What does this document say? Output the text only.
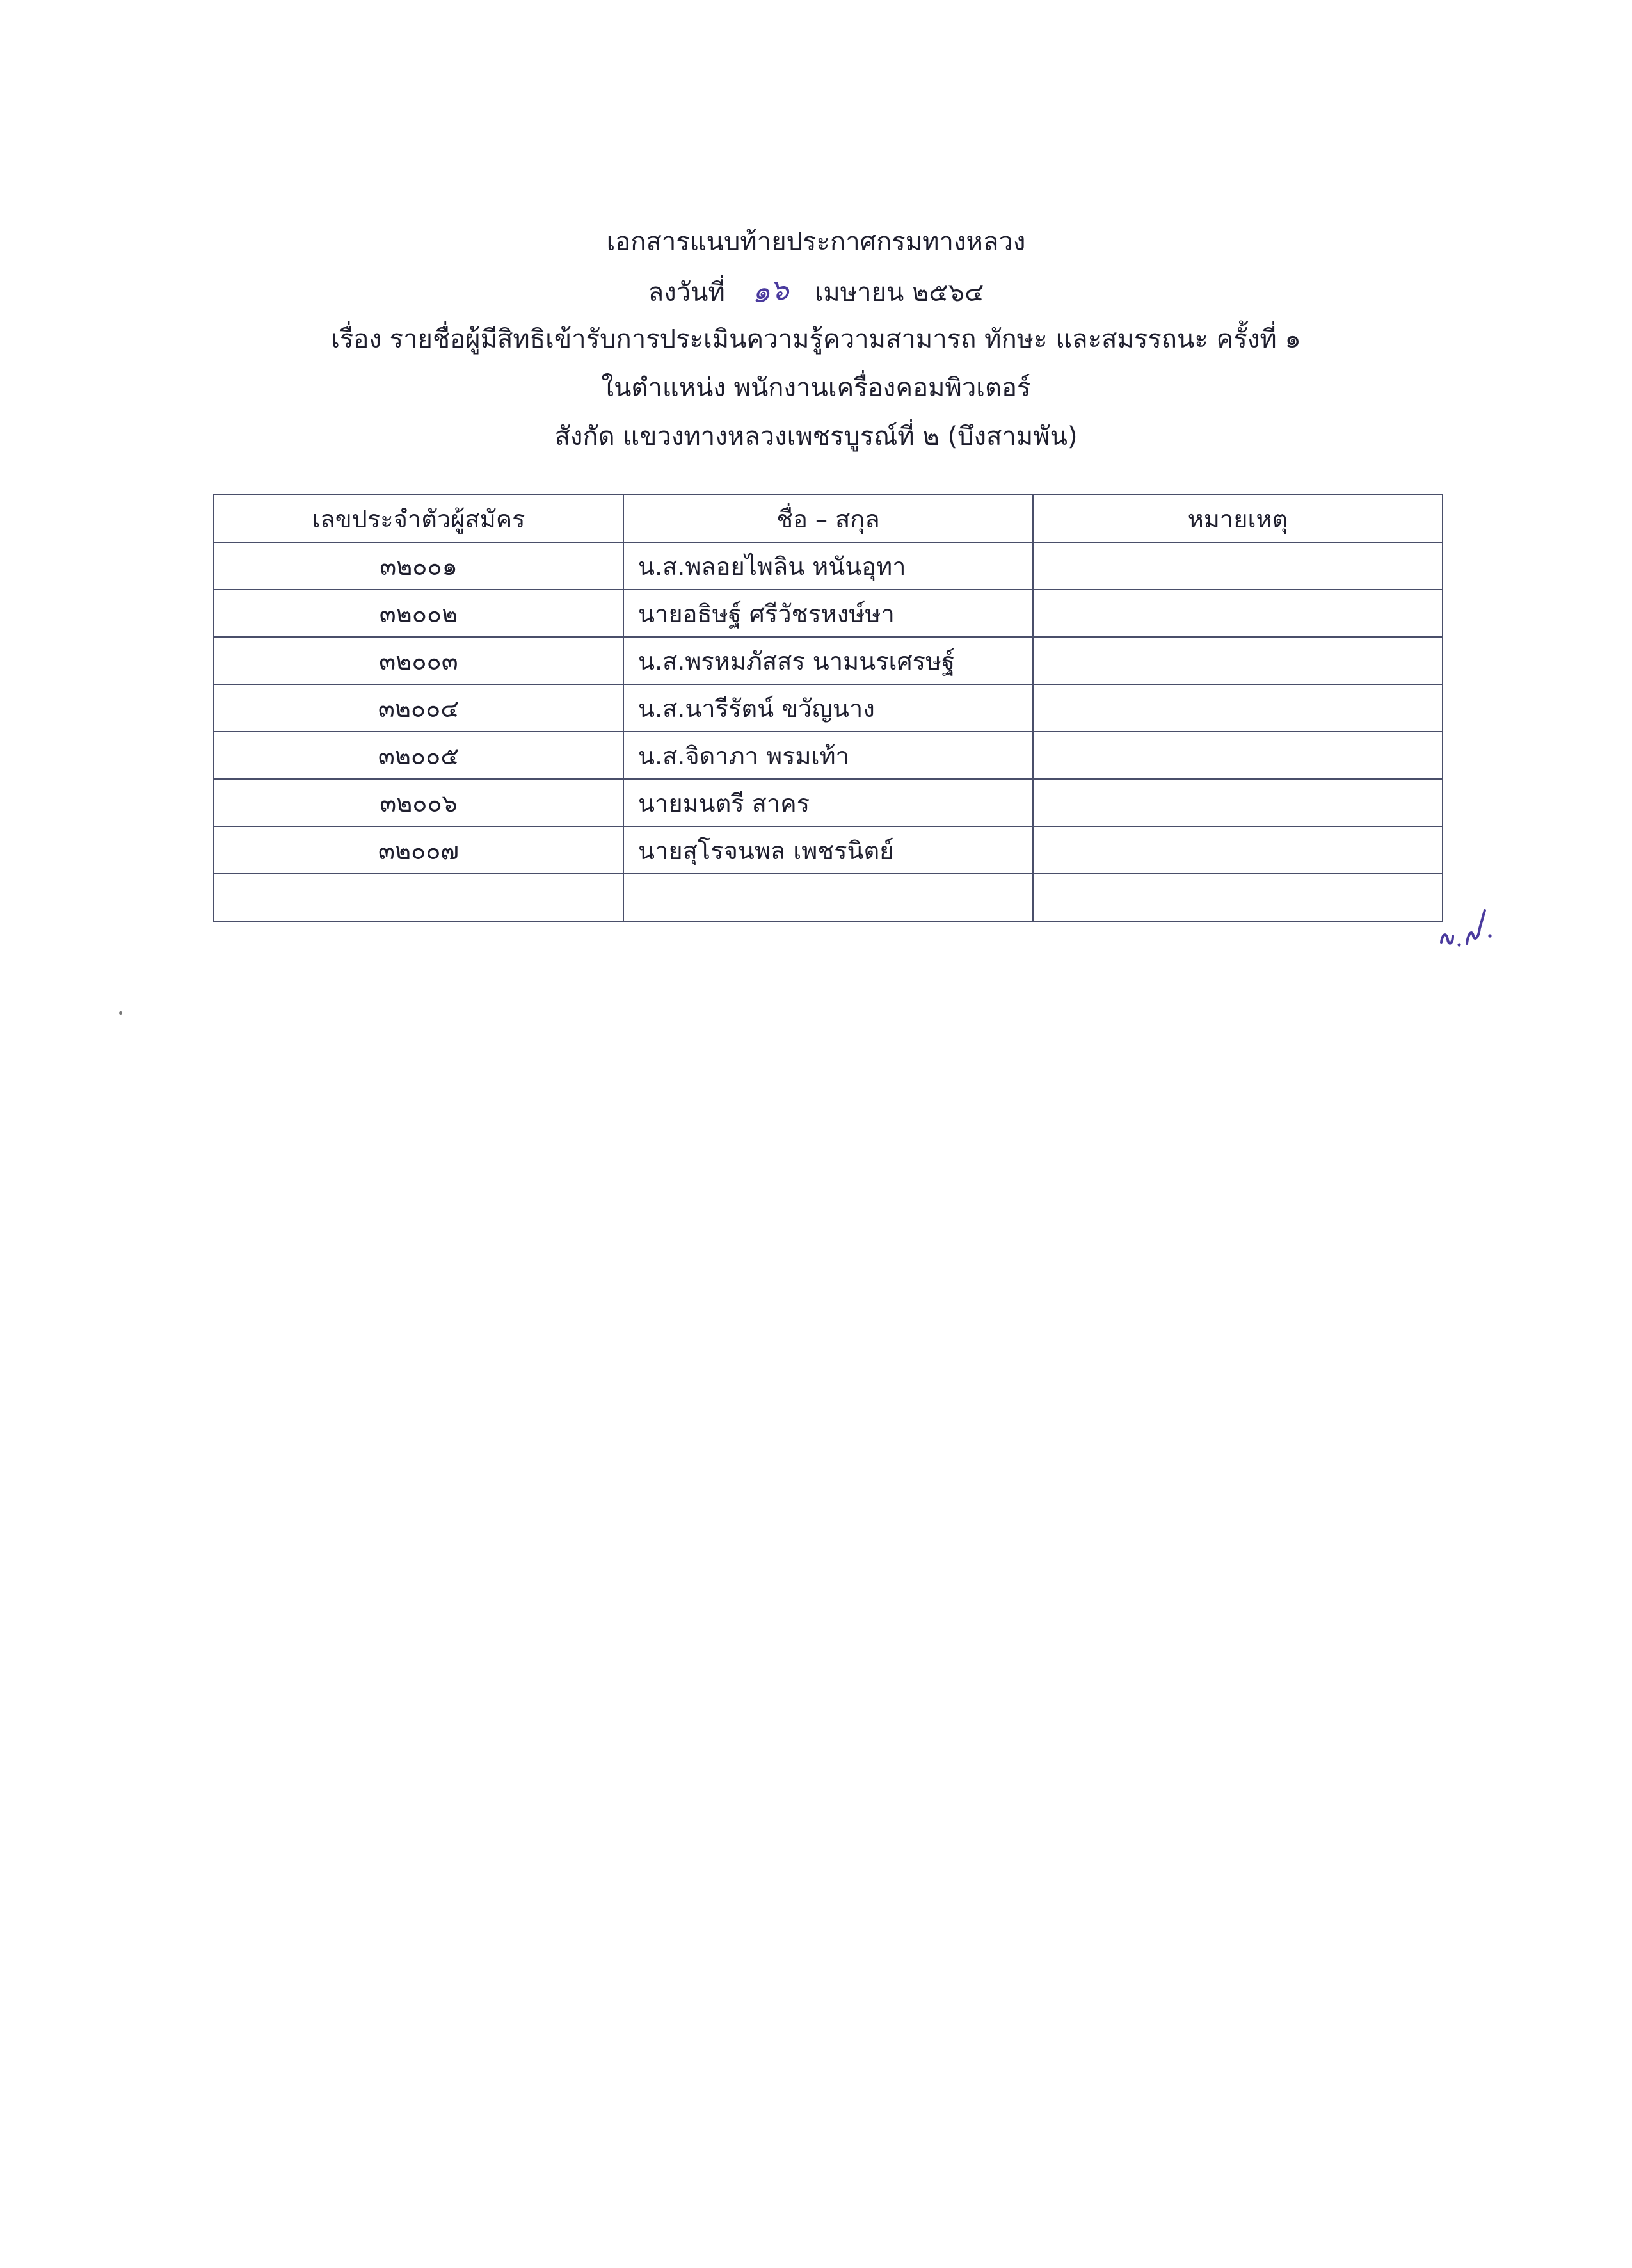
เอกสารแนบท้ายประกาศกรมทางหลวง
ลงวันที่ ๑๖ เมษายน ๒๕๖๔
เรื่อง รายชื่อผู้มีสิทธิเข้ารับการประเมินความรู้ความสามารถ ทักษะ และสมรรถนะ ครั้งที่ ๑
ในตำแหน่ง พนักงานเครื่องคอมพิวเตอร์
สังกัด แขวงทางหลวงเพชรบูรณ์ที่ ๒ (บึงสามพัน)
เลขประจำตัวผู้สมัคร	ชื่อ – สกุล	หมายเหตุ
๓๒๐๐๑	น.ส.พลอยไพลิน หนันอุทา	
๓๒๐๐๒	นายอธิษฐ์ ศรีวัชรหงษ์ษา	
๓๒๐๐๓	น.ส.พรหมภัสสร นามนรเศรษฐ์	
๓๒๐๐๔	น.ส.นารีรัตน์ ขวัญนาง	
๓๒๐๐๕	น.ส.จิดาภา พรมเท้า	
๓๒๐๐๖	นายมนตรี สาคร	
๓๒๐๐๗	นายสุโรจนพล เพชรนิตย์	
